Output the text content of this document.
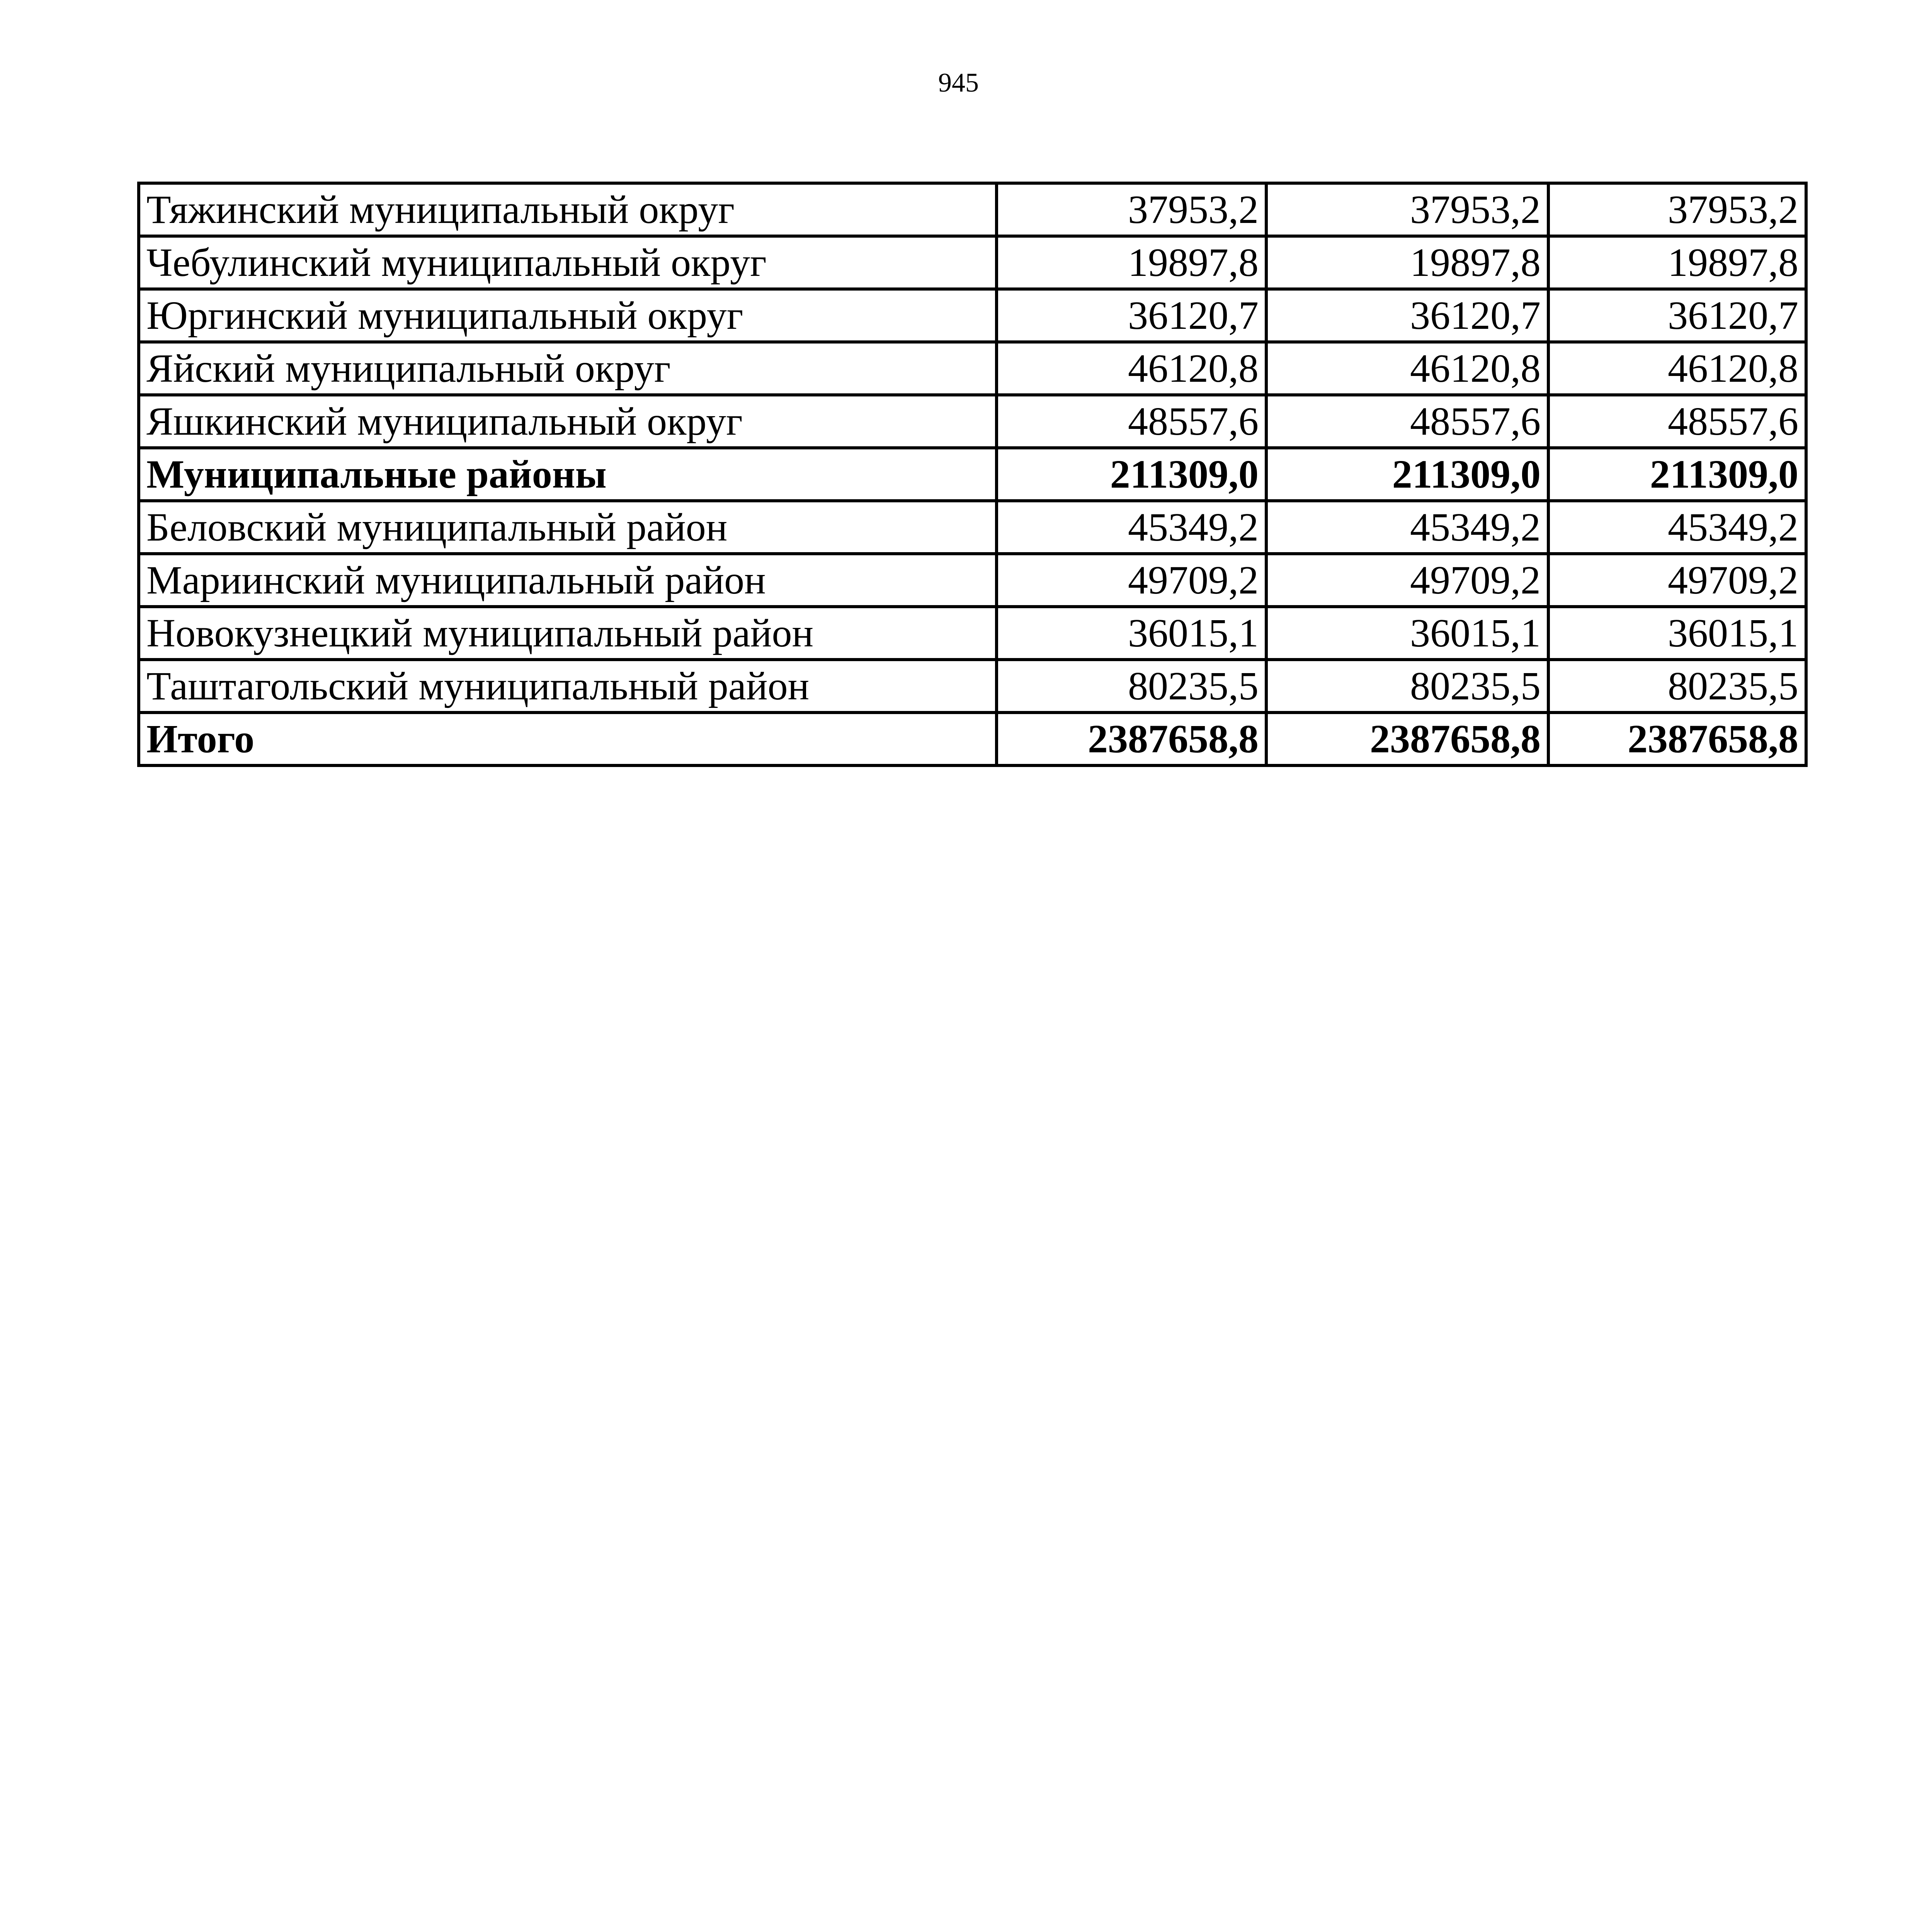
945
Тяжинский муниципальный округ	37953,2	37953,2	37953,2
Чебулинский муниципальный округ	19897,8	19897,8	19897,8
Юргинский муниципальный округ	36120,7	36120,7	36120,7
Яйский муниципальный округ	46120,8	46120,8	46120,8
Яшкинский муниципальный округ	48557,6	48557,6	48557,6
Муниципальные районы	211309,0	211309,0	211309,0
Беловский муниципальный район	45349,2	45349,2	45349,2
Мариинский муниципальный район	49709,2	49709,2	49709,2
Новокузнецкий муниципальный район	36015,1	36015,1	36015,1
Таштагольский муниципальный район	80235,5	80235,5	80235,5
Итого	2387658,8	2387658,8	2387658,8
